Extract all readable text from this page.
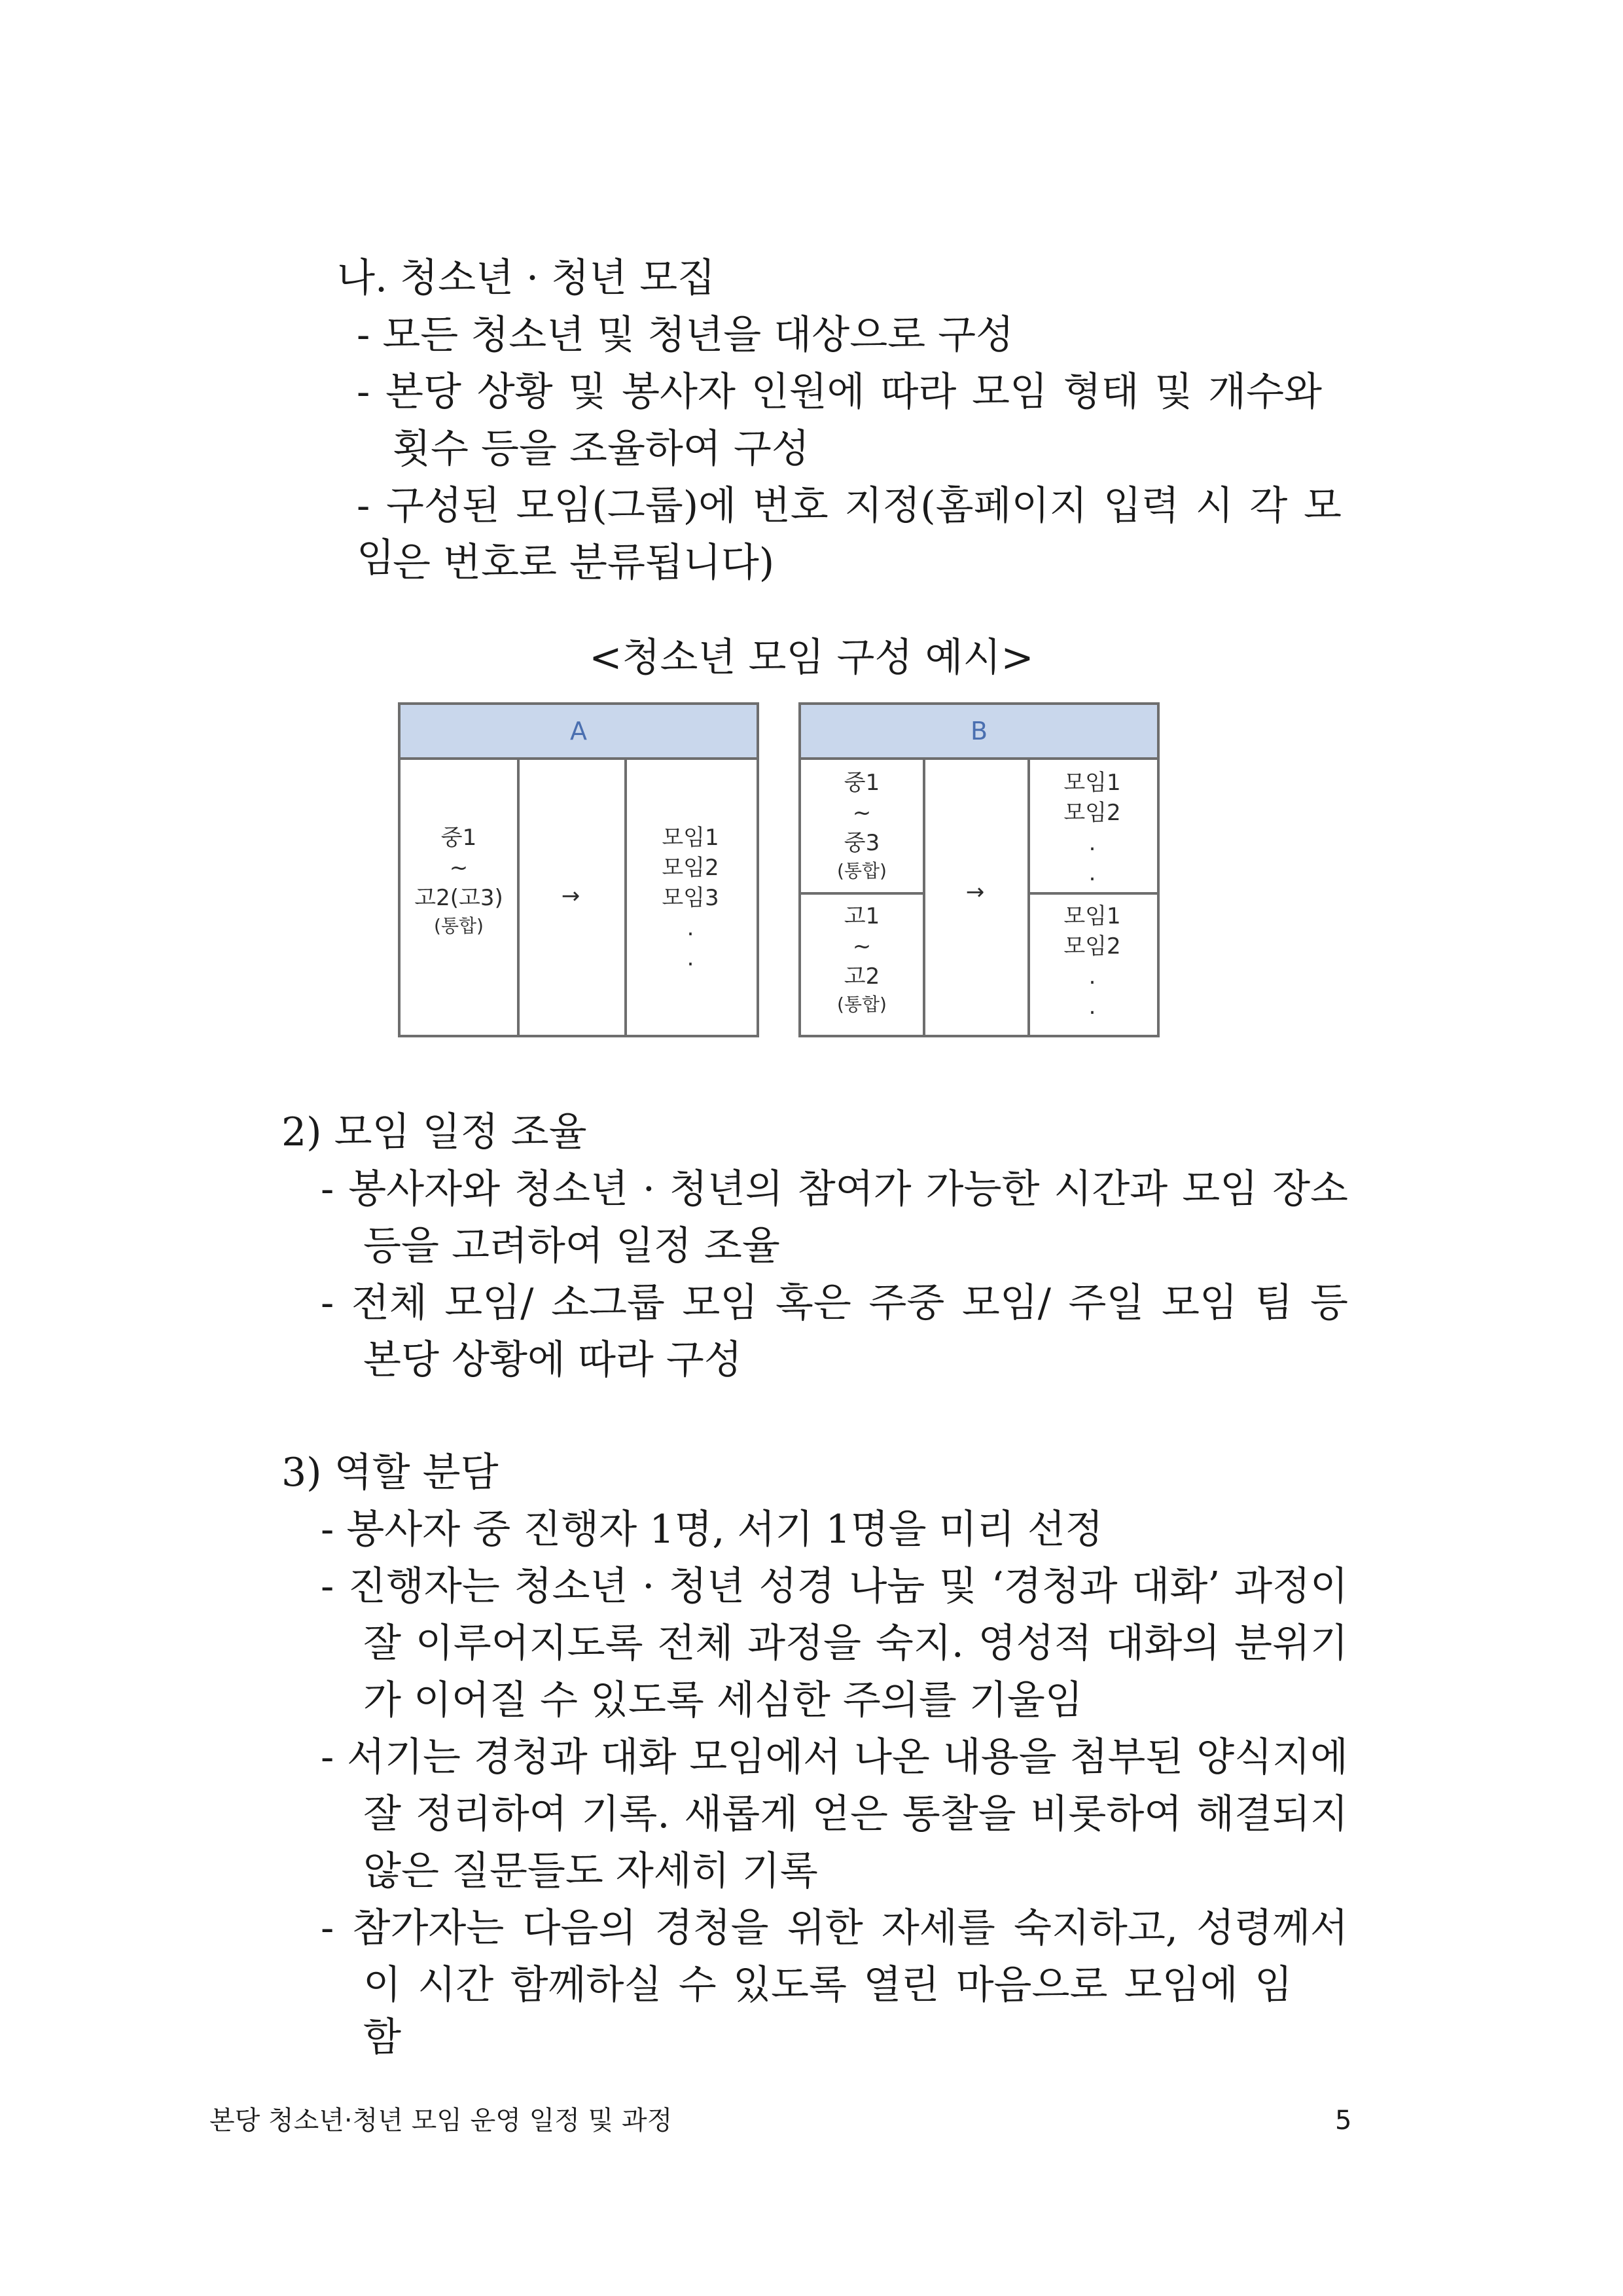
나. 청소년 · 청년 모집
- 모든 청소년 및 청년을 대상으로 구성
- 본당 상황 및 봉사자 인원에 따라 모임 형태 및 개수와
횟수 등을 조율하여 구성
- 구성된 모임(그룹)에 번호 지정(홈페이지 입력 시 각 모임
은 번호로 분류됩니다)
<청소년 모임 구성 예시>
A
중1
~
고2(고3)
(통합)
→
모임1
모임2
모임3
.
.
B
중1
~
중3
(통합)
고1
~
고2
(통합)
→
모임1
모임2
.
.
모임1
모임2
.
.
2) 모임 일정 조율
- 봉사자와 청소년 · 청년의 참여가 가능한 시간과 모임 장소
등을 고려하여 일정 조율
- 전체 모임/ 소그룹 모임 혹은 주중 모임/ 주일 모임 팀 등
본당 상황에 따라 구성
3) 역할 분담
- 봉사자 중 진행자 1명, 서기 1명을 미리 선정
- 진행자는 청소년 · 청년 성경 나눔 및 ‘경청과 대화’ 과정이
잘 이루어지도록 전체 과정을 숙지. 영성적 대화의 분위기
가 이어질 수 있도록 세심한 주의를 기울임
- 서기는 경청과 대화 모임에서 나온 내용을 첨부된 양식지에
잘 정리하여 기록. 새롭게 얻은 통찰을 비롯하여 해결되지
않은 질문들도 자세히 기록
- 참가자는 다음의 경청을 위한 자세를 숙지하고, 성령께서
이 시간 함께하실 수 있도록 열린 마음으로 모임에 임함
본당 청소년·청년 모임 운영 일정 및 과정	5
